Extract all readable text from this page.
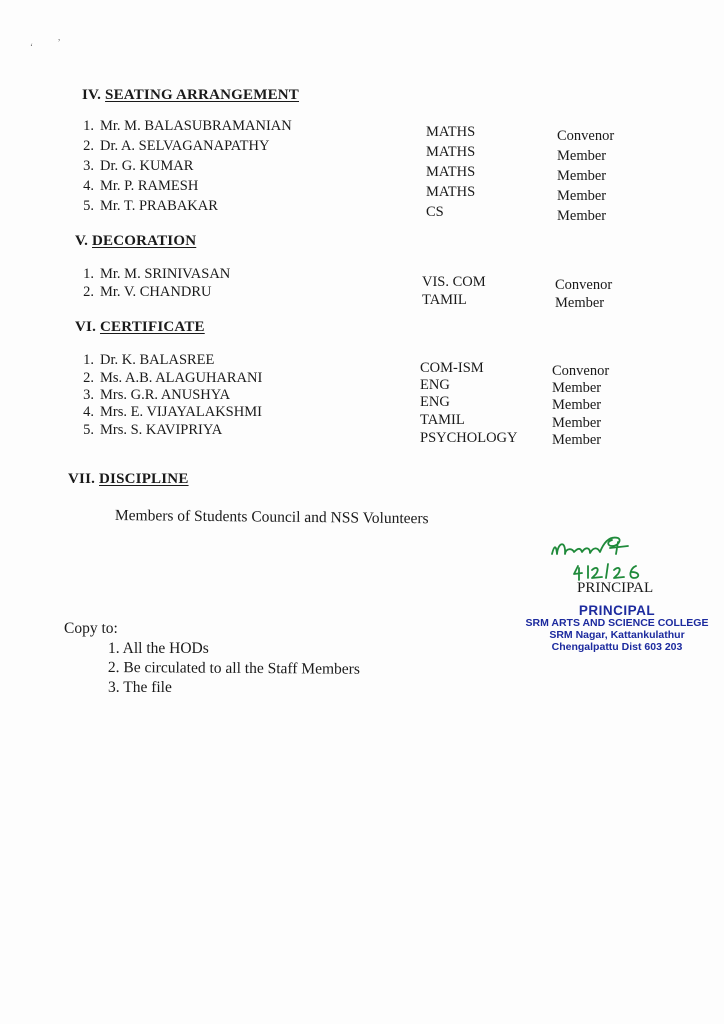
‘
,
IV. SEATING ARRANGEMENT
1. Mr. M. BALASUBRAMANIAN
2. Dr. A. SELVAGANAPATHY
3. Dr. G. KUMAR
4. Mr. P. RAMESH
5. Mr. T. PRABAKAR
MATHS
MATHS
MATHS
MATHS
CS
Convenor
Member
Member
Member
Member
V. DECORATION
1. Mr. M. SRINIVASAN
2. Mr. V. CHANDRU
VIS. COM
TAMIL
Convenor
Member
VI. CERTIFICATE
1. Dr. K. BALASREE
2. Ms. A.B. ALAGUHARANI
3. Mrs. G.R. ANUSHYA
4. Mrs. E. VIJAYALAKSHMI
5. Mrs. S. KAVIPRIYA
COM-ISM
ENG
ENG
TAMIL
PSYCHOLOGY
Convenor
Member
Member
Member
Member
VII. DISCIPLINE
Members of Students Council and NSS Volunteers
PRINCIPAL
PRINCIPAL
SRM ARTS AND SCIENCE COLLEGE
SRM Nagar, Kattankulathur
Chengalpattu Dist 603 203
Copy to:
1. All the HODs
2. Be circulated to all the Staff Members
3. The file
